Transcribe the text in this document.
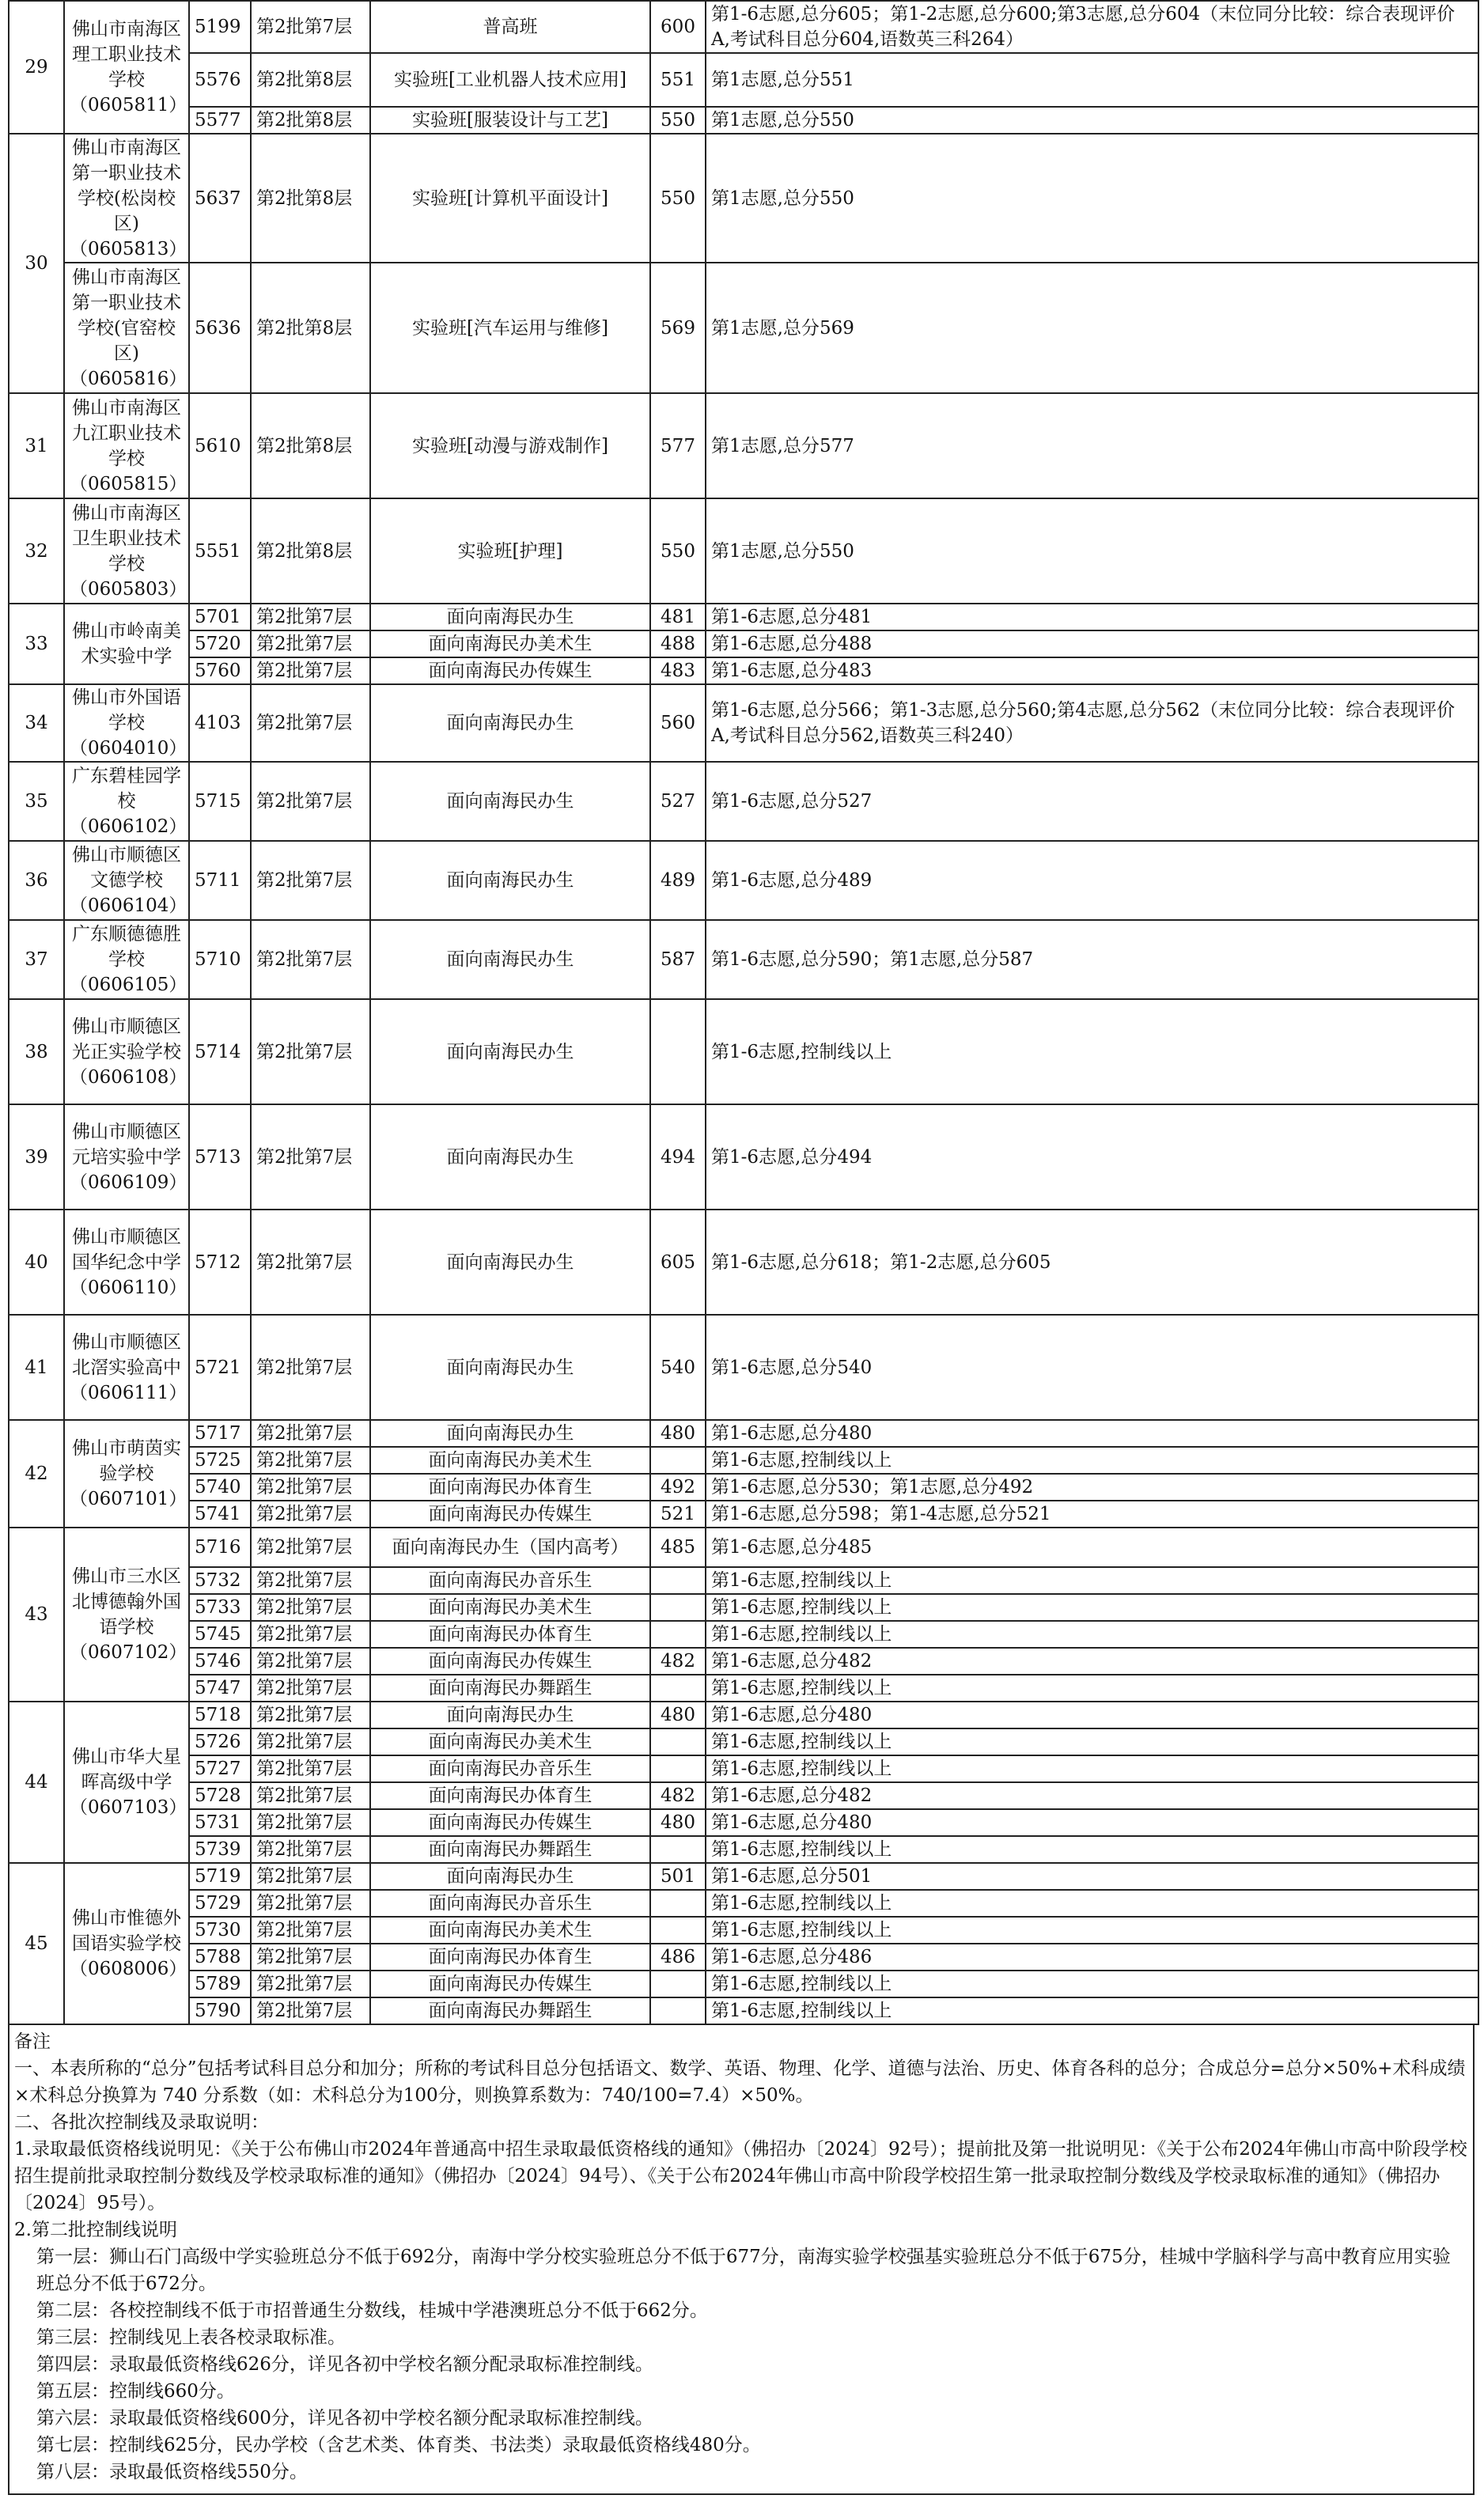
29	佛山市南海区理工职业技术学校（0605811）	5199	第2批第7层	普高班	600	第1-6志愿,总分605；第1-2志愿,总分600;第3志愿,总分604（末位同分比较：综合表现评价A,考试科目总分604,语数英三科264）
		5576	第2批第8层	实验班[工业机器人技术应用]	551	第1志愿,总分551
		5577	第2批第8层	实验班[服装设计与工艺]	550	第1志愿,总分550
30	佛山市南海区第一职业技术学校(松岗校区)（0605813）	5637	第2批第8层	实验班[计算机平面设计]	550	第1志愿,总分550
	佛山市南海区第一职业技术学校(官窑校区)（0605816）	5636	第2批第8层	实验班[汽车运用与维修]	569	第1志愿,总分569
31	佛山市南海区九江职业技术学校（0605815）	5610	第2批第8层	实验班[动漫与游戏制作]	577	第1志愿,总分577
32	佛山市南海区卫生职业技术学校（0605803）	5551	第2批第8层	实验班[护理]	550	第1志愿,总分550
33	佛山市岭南美术实验中学	5701	第2批第7层	面向南海民办生	481	第1-6志愿,总分481
		5720	第2批第7层	面向南海民办美术生	488	第1-6志愿,总分488
		5760	第2批第7层	面向南海民办传媒生	483	第1-6志愿,总分483
34	佛山市外国语学校（0604010）	4103	第2批第7层	面向南海民办生	560	第1-6志愿,总分566；第1-3志愿,总分560;第4志愿,总分562（末位同分比较：综合表现评价A,考试科目总分562,语数英三科240）
35	广东碧桂园学校（0606102）	5715	第2批第7层	面向南海民办生	527	第1-6志愿,总分527
36	佛山市顺德区文德学校（0606104）	5711	第2批第7层	面向南海民办生	489	第1-6志愿,总分489
37	广东顺德德胜学校（0606105）	5710	第2批第7层	面向南海民办生	587	第1-6志愿,总分590；第1志愿,总分587
38	佛山市顺德区光正实验学校（0606108）	5714	第2批第7层	面向南海民办生		第1-6志愿,控制线以上
39	佛山市顺德区元培实验中学（0606109）	5713	第2批第7层	面向南海民办生	494	第1-6志愿,总分494
40	佛山市顺德区国华纪念中学（0606110）	5712	第2批第7层	面向南海民办生	605	第1-6志愿,总分618；第1-2志愿,总分605
41	佛山市顺德区北滘实验高中（0606111）	5721	第2批第7层	面向南海民办生	540	第1-6志愿,总分540
42	佛山市萌茵实验学校（0607101）	5717	第2批第7层	面向南海民办生	480	第1-6志愿,总分480
		5725	第2批第7层	面向南海民办美术生		第1-6志愿,控制线以上
		5740	第2批第7层	面向南海民办体育生	492	第1-6志愿,总分530；第1志愿,总分492
		5741	第2批第7层	面向南海民办传媒生	521	第1-6志愿,总分598；第1-4志愿,总分521
43	佛山市三水区北博德翰外国语学校（0607102）	5716	第2批第7层	面向南海民办生（国内高考）	485	第1-6志愿,总分485
		5732	第2批第7层	面向南海民办音乐生		第1-6志愿,控制线以上
		5733	第2批第7层	面向南海民办美术生		第1-6志愿,控制线以上
		5745	第2批第7层	面向南海民办体育生		第1-6志愿,控制线以上
		5746	第2批第7层	面向南海民办传媒生	482	第1-6志愿,总分482
		5747	第2批第7层	面向南海民办舞蹈生		第1-6志愿,控制线以上
44	佛山市华大星晖高级中学（0607103）	5718	第2批第7层	面向南海民办生	480	第1-6志愿,总分480
		5726	第2批第7层	面向南海民办美术生		第1-6志愿,控制线以上
		5727	第2批第7层	面向南海民办音乐生		第1-6志愿,控制线以上
		5728	第2批第7层	面向南海民办体育生	482	第1-6志愿,总分482
		5731	第2批第7层	面向南海民办传媒生	480	第1-6志愿,总分480
		5739	第2批第7层	面向南海民办舞蹈生		第1-6志愿,控制线以上
45	佛山市惟德外国语实验学校（0608006）	5719	第2批第7层	面向南海民办生	501	第1-6志愿,总分501
		5729	第2批第7层	面向南海民办音乐生		第1-6志愿,控制线以上
		5730	第2批第7层	面向南海民办美术生		第1-6志愿,控制线以上
		5788	第2批第7层	面向南海民办体育生	486	第1-6志愿,总分486
		5789	第2批第7层	面向南海民办传媒生		第1-6志愿,控制线以上
		5790	第2批第7层	面向南海民办舞蹈生		第1-6志愿,控制线以上

备注

一、本表所称的“总分”包括考试科目总分和加分；所称的考试科目总分包括语文、数学、英语、物理、化学、道德与法治、历史、体育各科的总分；合成总分=总分×50%+术科成绩×术科总分换算为 740 分系数（如：术科总分为100分，则换算系数为：740/100=7.4）×50%。

二、各批次控制线及录取说明：

1.录取最低资格线说明见：《关于公布佛山市2024年普通高中招生录取最低资格线的通知》（佛招办〔2024〕92号）；提前批及第一批说明见：《关于公布2024年佛山市高中阶段学校招生提前批录取控制分数线及学校录取标准的通知》（佛招办〔2024〕94号）、《关于公布2024年佛山市高中阶段学校招生第一批录取控制分数线及学校录取标准的通知》（佛招办〔2024〕95号）。

2.第二批控制线说明

第一层：狮山石门高级中学实验班总分不低于692分，南海中学分校实验班总分不低于677分，南海实验学校强基实验班总分不低于675分，桂城中学脑科学与高中教育应用实验班总分不低于672分。

第二层：各校控制线不低于市招普通生分数线，桂城中学港澳班总分不低于662分。

第三层：控制线见上表各校录取标准。

第四层：录取最低资格线626分，详见各初中学校名额分配录取标准控制线。

第五层：控制线660分。

第六层：录取最低资格线600分，详见各初中学校名额分配录取标准控制线。

第七层：控制线625分，民办学校（含艺术类、体育类、书法类）录取最低资格线480分。

第八层：录取最低资格线550分。
